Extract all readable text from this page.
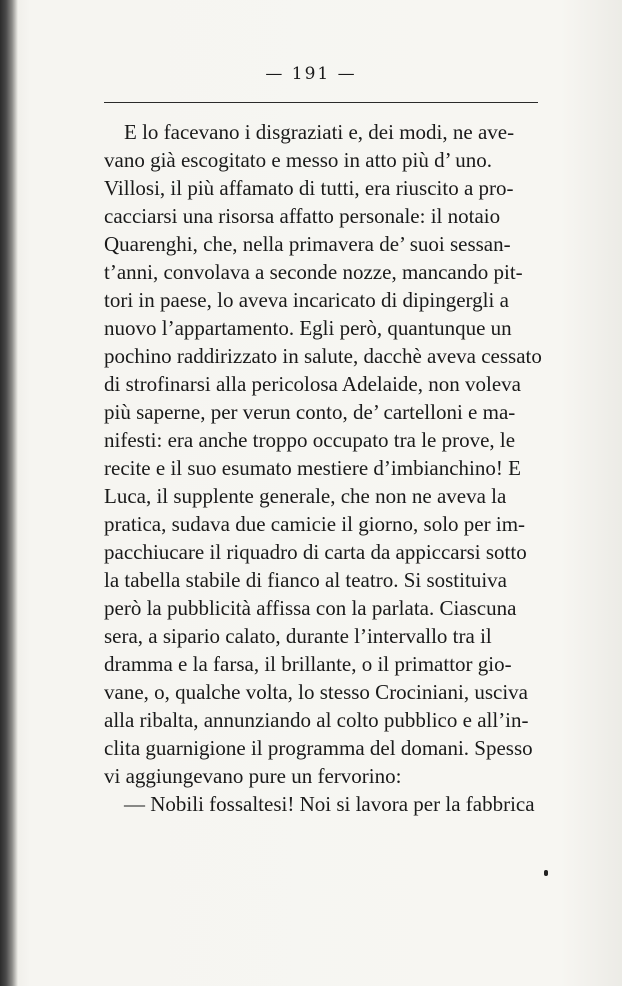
— 191 —
E lo facevano i disgraziati e, dei modi, ne ave-
vano già escogitato e messo in atto più d’ uno.
Villosi, il più affamato di tutti, era riuscito a pro-
cacciarsi una risorsa affatto personale: il notaio
Quarenghi, che, nella primavera de’ suoi sessan-
t’anni, convolava a seconde nozze, mancando pit-
tori in paese, lo aveva incaricato di dipingergli a
nuovo l’appartamento. Egli però, quantunque un
pochino raddirizzato in salute, dacchè aveva cessato
di strofinarsi alla pericolosa Adelaide, non voleva
più saperne, per verun conto, de’ cartelloni e ma-
nifesti: era anche troppo occupato tra le prove, le
recite e il suo esumato mestiere d’imbianchino! E
Luca, il supplente generale, che non ne aveva la
pratica, sudava due camicie il giorno, solo per im-
pacchiucare il riquadro di carta da appiccarsi sotto
la tabella stabile di fianco al teatro. Si sostituiva
però la pubblicità affissa con la parlata. Ciascuna
sera, a sipario calato, durante l’intervallo tra il
dramma e la farsa, il brillante, o il primattor gio-
vane, o, qualche volta, lo stesso Crociniani, usciva
alla ribalta, annunziando al colto pubblico e all’in-
clita guarnigione il programma del domani. Spesso
vi aggiungevano pure un fervorino:
— Nobili fossaltesi! Noi si lavora per la fabbrica
